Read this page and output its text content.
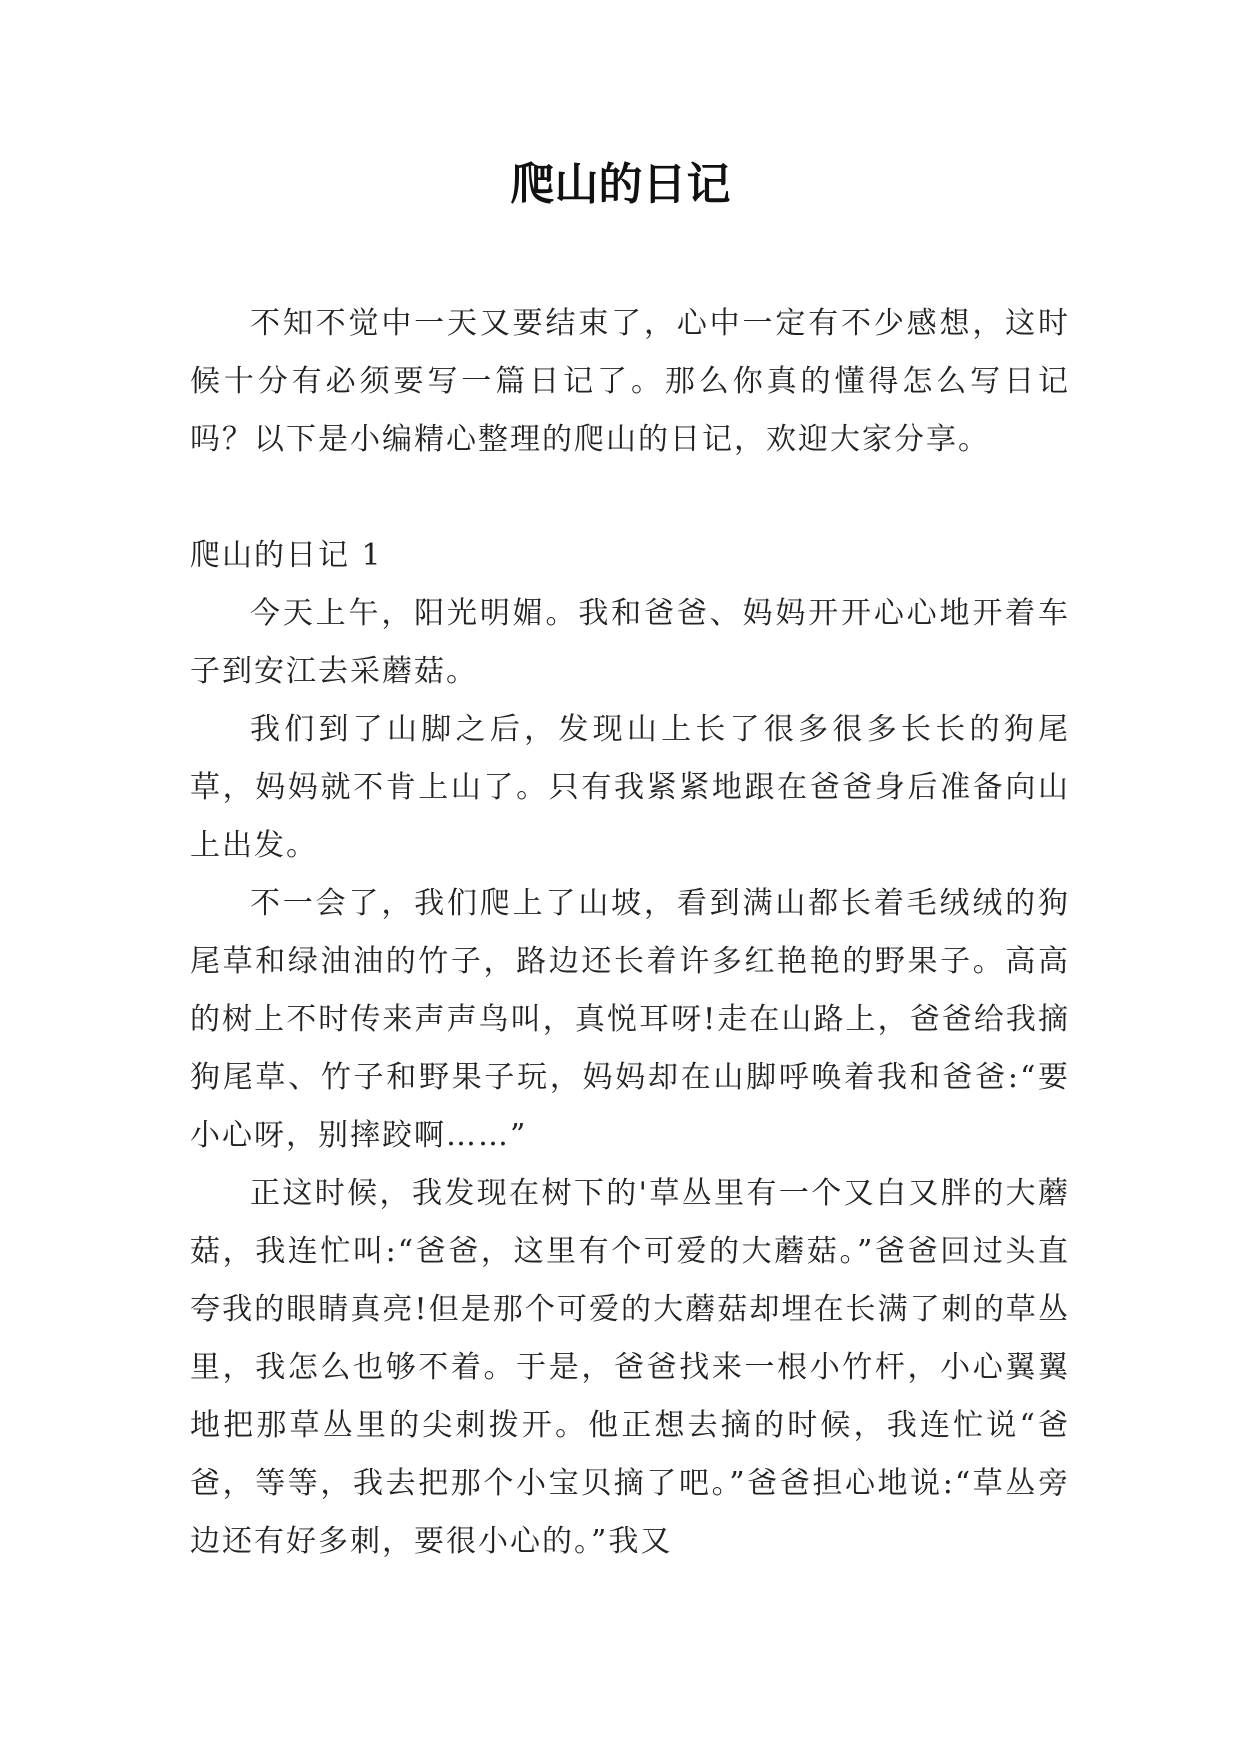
爬山的日记

不知不觉中一天又要结束了，心中一定有不少感想，这时候十分有必须要写一篇日记了。那么你真的懂得怎么写日记吗？以下是小编精心整理的爬山的日记，欢迎大家分享。

爬山的日记 1

今天上午，阳光明媚。我和爸爸、妈妈开开心心地开着车子到安江去采蘑菇。

我们到了山脚之后，发现山上长了很多很多长长的狗尾草，妈妈就不肯上山了。只有我紧紧地跟在爸爸身后准备向山上出发。

不一会了，我们爬上了山坡，看到满山都长着毛绒绒的狗尾草和绿油油的竹子，路边还长着许多红艳艳的野果子。高高的树上不时传来声声鸟叫，真悦耳呀!走在山路上，爸爸给我摘狗尾草、竹子和野果子玩，妈妈却在山脚呼唤着我和爸爸:“要小心呀，别摔跤啊……”

正这时候，我发现在树下的'草丛里有一个又白又胖的大蘑菇，我连忙叫:“爸爸，这里有个可爱的大蘑菇。”爸爸回过头直夸我的眼睛真亮!但是那个可爱的大蘑菇却埋在长满了刺的草丛里，我怎么也够不着。于是，爸爸找来一根小竹杆，小心翼翼地把那草丛里的尖刺拨开。他正想去摘的时候，我连忙说“爸爸，等等，我去把那个小宝贝摘了吧。”爸爸担心地说:“草丛旁边还有好多刺，要很小心的。”我又
